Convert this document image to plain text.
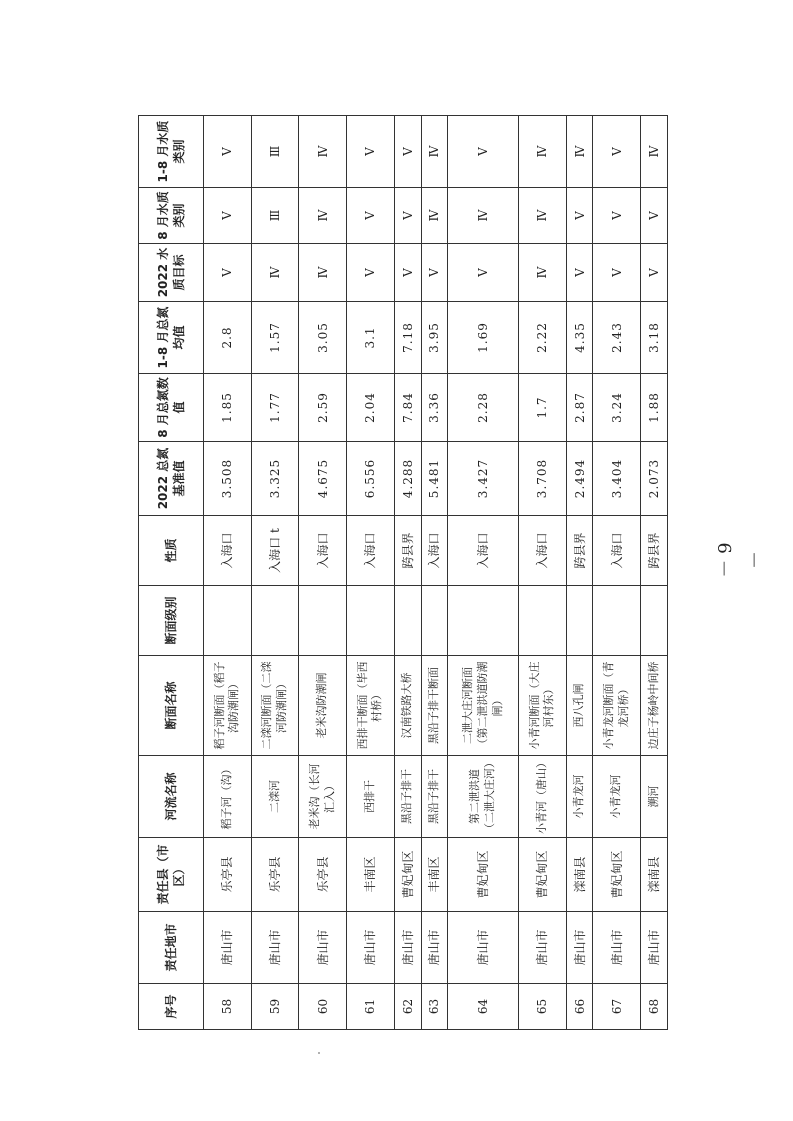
序号	责任地市	责任县（市区）	河流名称	断面名称	断面级别	性质	2022 总氮基准值	8 月总氮数值	1-8 月总氮均值	2022 水质目标	8 月水质类别	1-8 月水质类别
58	唐山市	乐亭县	稻子河（沟）	稻子河断面（稻子沟防潮闸）		入海口	3.508	1.85	2.8	Ⅴ	Ⅴ	Ⅴ
59	唐山市	乐亭县	二滦河	二滦河断面（二滦河防潮闸）		入海口 t	3.325	1.77	1.57	Ⅳ	Ⅲ	Ⅲ
60	唐山市	乐亭县	老米沟（长河汇入）	老米沟防潮闸		入海口	4.675	2.59	3.05	Ⅳ	Ⅳ	Ⅳ
61	唐山市	丰南区	西排干	西排干断面（毕西村桥）		入海口	6.556	2.04	3.1	Ⅴ	Ⅴ	Ⅴ
62	唐山市	曹妃甸区	黑沿子排干	汉南铁路大桥		跨县界	4.288	7.84	7.18	Ⅴ	Ⅴ	Ⅴ
63	唐山市	丰南区	黑沿子排干	黑沿子排干断面		入海口	5.481	3.36	3.95	Ⅴ	Ⅳ	Ⅳ
64	唐山市	曹妃甸区	第二泄洪道（二泄大庄河）	二泄大庄河断面（第二泄洪道防潮闸）		入海口	3.427	2.28	1.69	Ⅴ	Ⅳ	Ⅴ
65	唐山市	曹妃甸区	小青河（唐山）	小青河断面（大庄河村东）		入海口	3.708	1.7	2.22	Ⅳ	Ⅳ	Ⅳ
66	唐山市	滦南县	小青龙河	西八孔闸		跨县界	2.494	2.87	4.35	Ⅴ	Ⅴ	Ⅳ
67	唐山市	曹妃甸区	小青龙河	小青龙河断面（青龙河桥）		入海口	3.404	3.24	2.43	Ⅴ	Ⅴ	Ⅴ
68	唐山市	滦南县	溯河	边庄子杨岭中间桥		跨县界	2.073	1.88	3.18	Ⅴ	Ⅴ	Ⅳ
－ 9 －
